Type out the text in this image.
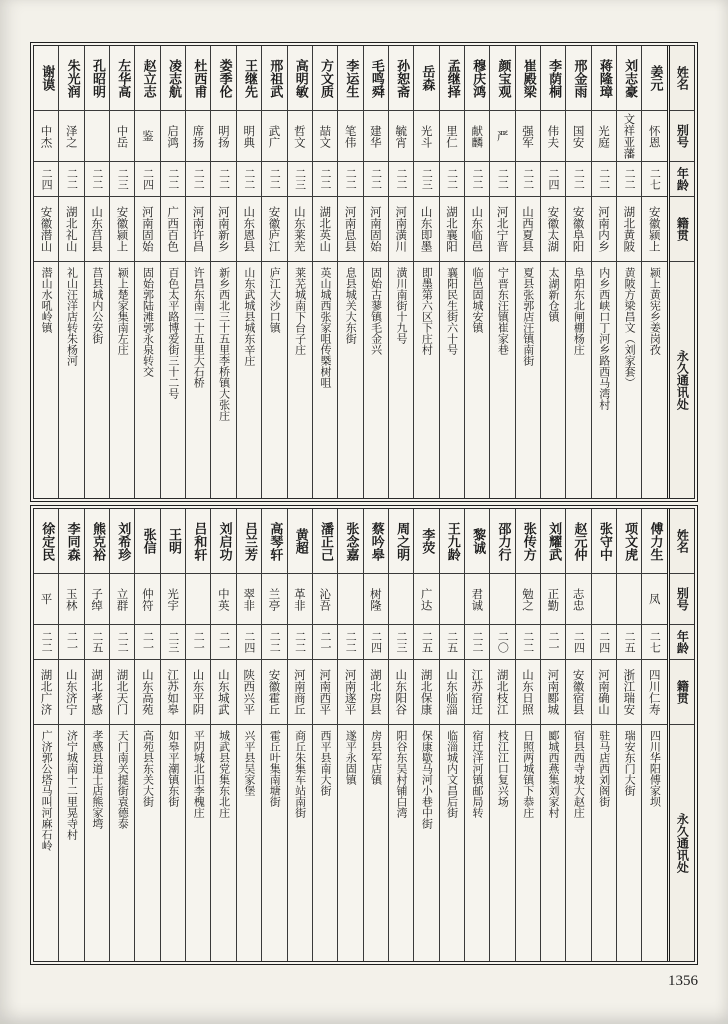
姓名
别号
年龄
籍贯
永久通讯处
姜元
怀恩
二七
安徽颍上
颍上黄宪乡姜岗孜
刘志豪
文祥亚藩
二二
湖北黄陂
黄陂方梁昌文（刘家套）
蒋隆璋
光庭
二二
河南内乡
内乡西峡口丁河乡路西马湾村
邢金雨
国安
二二
安徽阜阳
阜阳东北闸棚杨庄
李荫桐
伟夫
二四
安徽太湖
太湖新仓镇
崔殿梁
强军
二二
山西夏县
夏县张郭店汪镇南街
颜宝观
严
二二
河北宁晋
宁晋东汪镇崔家巷
穆庆鸿
献麟
二二
山东临邑
临邑固城安镇
孟继择
里仁
二二
湖北襄阳
襄阳民生街六十号
岳森
光斗
二三
山东即墨
即墨第六区下庄村
孙恕斋
毓宵
二二
河南潢川
潢川南街十九号
毛鸣舜
建华
二二
河南固始
固始古蓼镇毛金兴
李运生
笔伟
二二
河南息县
息县城关大东街
方文质
喆文
二二
湖北英山
英山城西张家咀传槩树咀
高明敏
哲文
二三
山东莱芜
莱芜城南下台子庄
邢祖武
武广
二二
安徽庐江
庐江大沙口镇
王继先
明典
二二
山东恩县
山东武城县城东辛庄
娄季伦
明扬
二二
河南新乡
新乡西北三十五里李桥镇大张庄
杜西甫
席扬
二二
河南许昌
许昌东南二十五里大石桥
凌志航
启鸿
二二
广西百色
百色太平路博爱街三十二号
赵立志
鉴
二四
河南固始
固始郭陆滩郭永泉转交
左华高
中岳
二三
安徽颍上
颍上楚家集南左庄
孔昭明
二二
山东莒县
莒县城内公安街
朱光润
泽之
二二
湖北礼山
礼山汪洋店转朱杨河
谢谟
中杰
二四
安徽潜山
潜山水吼岭镇
姓名
别号
年龄
籍贯
永久通讯处
傅力生
凤
二七
四川仁寿
四川华阳傅家坝
项文虎
二五
浙江瑞安
瑞安东门大街
张守中
二四
河南确山
驻马店西刘阁街
赵元仲
志忠
二四
安徽宿县
宿县西寺坡大赵庄
刘耀武
正勤
二一
河南郾城
郾城西燕集刘家村
张传方
勉之
二二
山东日照
日照两城镇下恭庄
邵力行
二〇
湖北枝江
枝江江口复兴场
黎诚
君诚
二二
江苏宿迁
宿迁洋河镇邮局转
王九龄
二五
山东临淄
临淄城内文昌后街
李荧
广达
二五
湖北保康
保康歇马河小巷中街
周之明
二三
山东阳谷
阳谷东吴村铺白湾
蔡吟皋
树隆
二四
湖北房县
房县军店镇
张念嘉
二二
河南遂平
遂平永固镇
潘正己
沁吾
二一
河南西平
西平县南大街
黄超
革非
二二
河南商丘
商丘朱集车站南街
高琴轩
兰亭
二二
安徽霍丘
霍丘叶集南塘街
吕兰芳
翠非
二四
陕西兴平
兴平县吴家堡
刘启功
中英
二一
山东城武
城武县党集东北庄
吕和轩
二一
山东平阴
平阴城北旧李槐庄
王明
光宇
二三
江苏如皋
如皋平潮镇东街
张信
仲符
二一
山东高苑
高苑县东关大街
刘希珍
立群
二二
湖北天门
天门南关提街袁德泰
熊克裕
子绰
二五
湖北孝感
孝感县道士店熊家塆
李同森
玉林
二一
山东济宁
济宁城南十二里晃寺村
徐定民
平
二二
湖北广济
广济郭公塔马叫河麻石岭
1356
